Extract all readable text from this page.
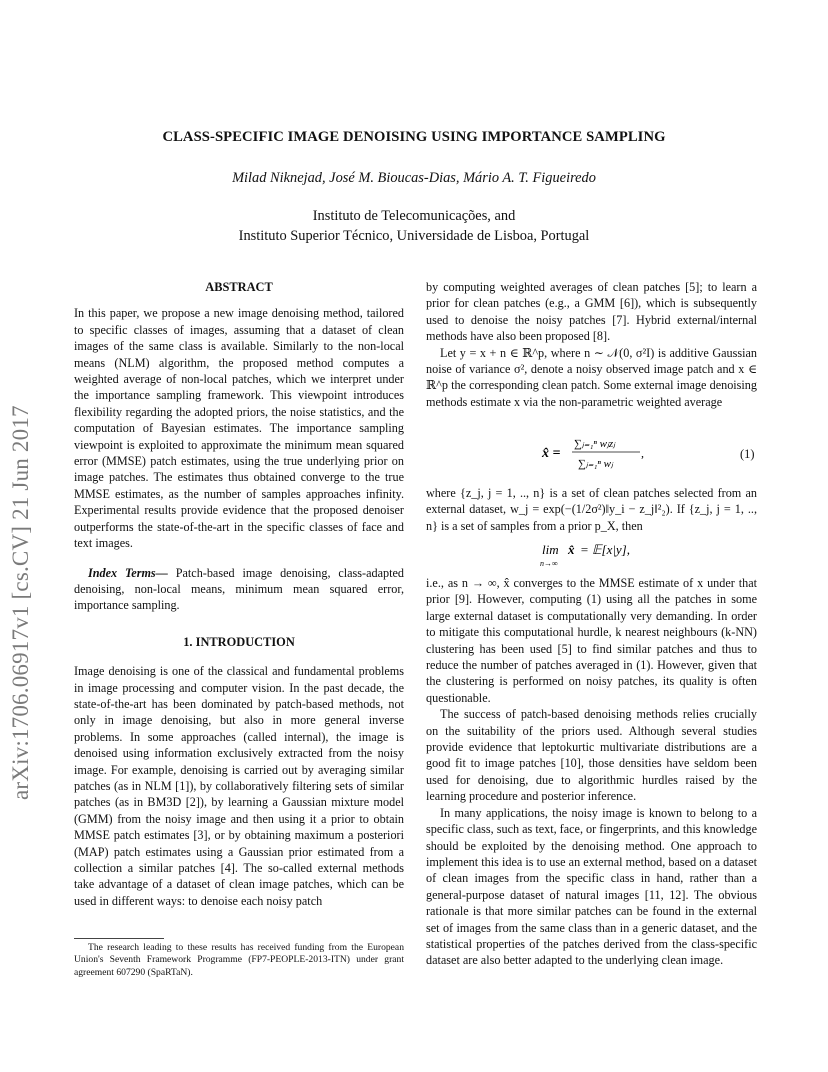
arXiv:1706.06917v1 [cs.CV] 21 Jun 2017
CLASS-SPECIFIC IMAGE DENOISING USING IMPORTANCE SAMPLING
Milad Niknejad, José M. Bioucas-Dias, Mário A. T. Figueiredo
Instituto de Telecomunicações, and
Instituto Superior Técnico, Universidade de Lisboa, Portugal
ABSTRACT

In this paper, we propose a new image denoising method, tailored to specific classes of images, assuming that a dataset of clean images of the same class is available. Similarly to the non-local means (NLM) algorithm, the proposed method computes a weighted average of non-local patches, which we interpret under the importance sampling framework. This viewpoint introduces flexibility regarding the adopted priors, the noise statistics, and the computation of Bayesian estimates. The importance sampling viewpoint is exploited to approximate the minimum mean squared error (MMSE) patch estimates, using the true underlying prior on image patches. The estimates thus obtained converge to the true MMSE estimates, as the number of samples approaches infinity. Experimental results provide evidence that the proposed denoiser outperforms the state-of-the-art in the specific classes of face and text images.

Index Terms— Patch-based image denoising, class-adapted denoising, non-local means, minimum mean squared error, importance sampling.

1. INTRODUCTION

Image denoising is one of the classical and fundamental problems in image processing and computer vision. In the past decade, the state-of-the-art has been dominated by patch-based methods, not only in image denoising, but also in more general inverse problems. In some approaches (called internal), the image is denoised using information exclusively extracted from the noisy image. For example, denoising is carried out by averaging similar patches (as in NLM [1]), by collaboratively filtering sets of similar patches (as in BM3D [2]), by learning a Gaussian mixture model (GMM) from the noisy image and then using it a prior to obtain MMSE patch estimates [3], or by obtaining maximum a posteriori (MAP) patch estimates using a Gaussian prior estimated from a collection a similar patches [4]. The so-called external methods take advantage of a dataset of clean image patches, which can be used in different ways: to denoise each noisy patch

The research leading to these results has received funding from the European Union's Seventh Framework Programme (FP7-PEOPLE-2013-ITN) under grant agreement 607290 (SpaRTaN).

by computing weighted averages of clean patches [5]; to learn a prior for clean patches (e.g., a GMM [6]), which is subsequently used to denoise the noisy patches [7]. Hybrid external/internal methods have also been proposed [8].

Let y = x + n ∈ ℝ^p, where n ∼ 𝒩(0, σ²I) is additive Gaussian noise of variance σ², denote a noisy observed image patch and x ∈ ℝ^p the corresponding clean patch. Some external image denoising methods estimate x via the non-parametric weighted average

x̂ =
∑ⱼ₌₁ⁿ wⱼzⱼ
∑ⱼ₌₁ⁿ wⱼ
,	(1)

where {z_j, j = 1, .., n} is a set of clean patches selected from an external dataset, w_j = exp(−(1/2σ²)‖y_i − z_j‖²₂). If {z_j, j = 1, .., n} is a set of samples from a prior p_X, then

lim
n→∞
x̂ = 𝔼[x|y],

i.e., as n → ∞, x̂ converges to the MMSE estimate of x under that prior [9]. However, computing (1) using all the patches in some large external dataset is computationally very demanding. In order to mitigate this computational hurdle, k nearest neighbours (k-NN) clustering has been used [5] to find similar patches and thus to reduce the number of patches averaged in (1). However, given that the clustering is performed on noisy patches, its quality is often questionable.

The success of patch-based denoising methods relies crucially on the suitability of the priors used. Although several studies provide evidence that leptokurtic multivariate distributions are a good fit to image patches [10], those densities have seldom been used for denoising, due to algorithmic hurdles raised by the learning procedure and posterior inference.

In many applications, the noisy image is known to belong to a specific class, such as text, face, or fingerprints, and this knowledge should be exploited by the denoising method. One approach to implement this idea is to use an external method, based on a dataset of clean images from the specific class in hand, rather than a general-purpose dataset of natural images [11, 12]. The obvious rationale is that more similar patches can be found in the external set of images from the same class than in a generic dataset, and the statistical properties of the patches derived from the class-specific dataset are also better adapted to the underlying clean image.
